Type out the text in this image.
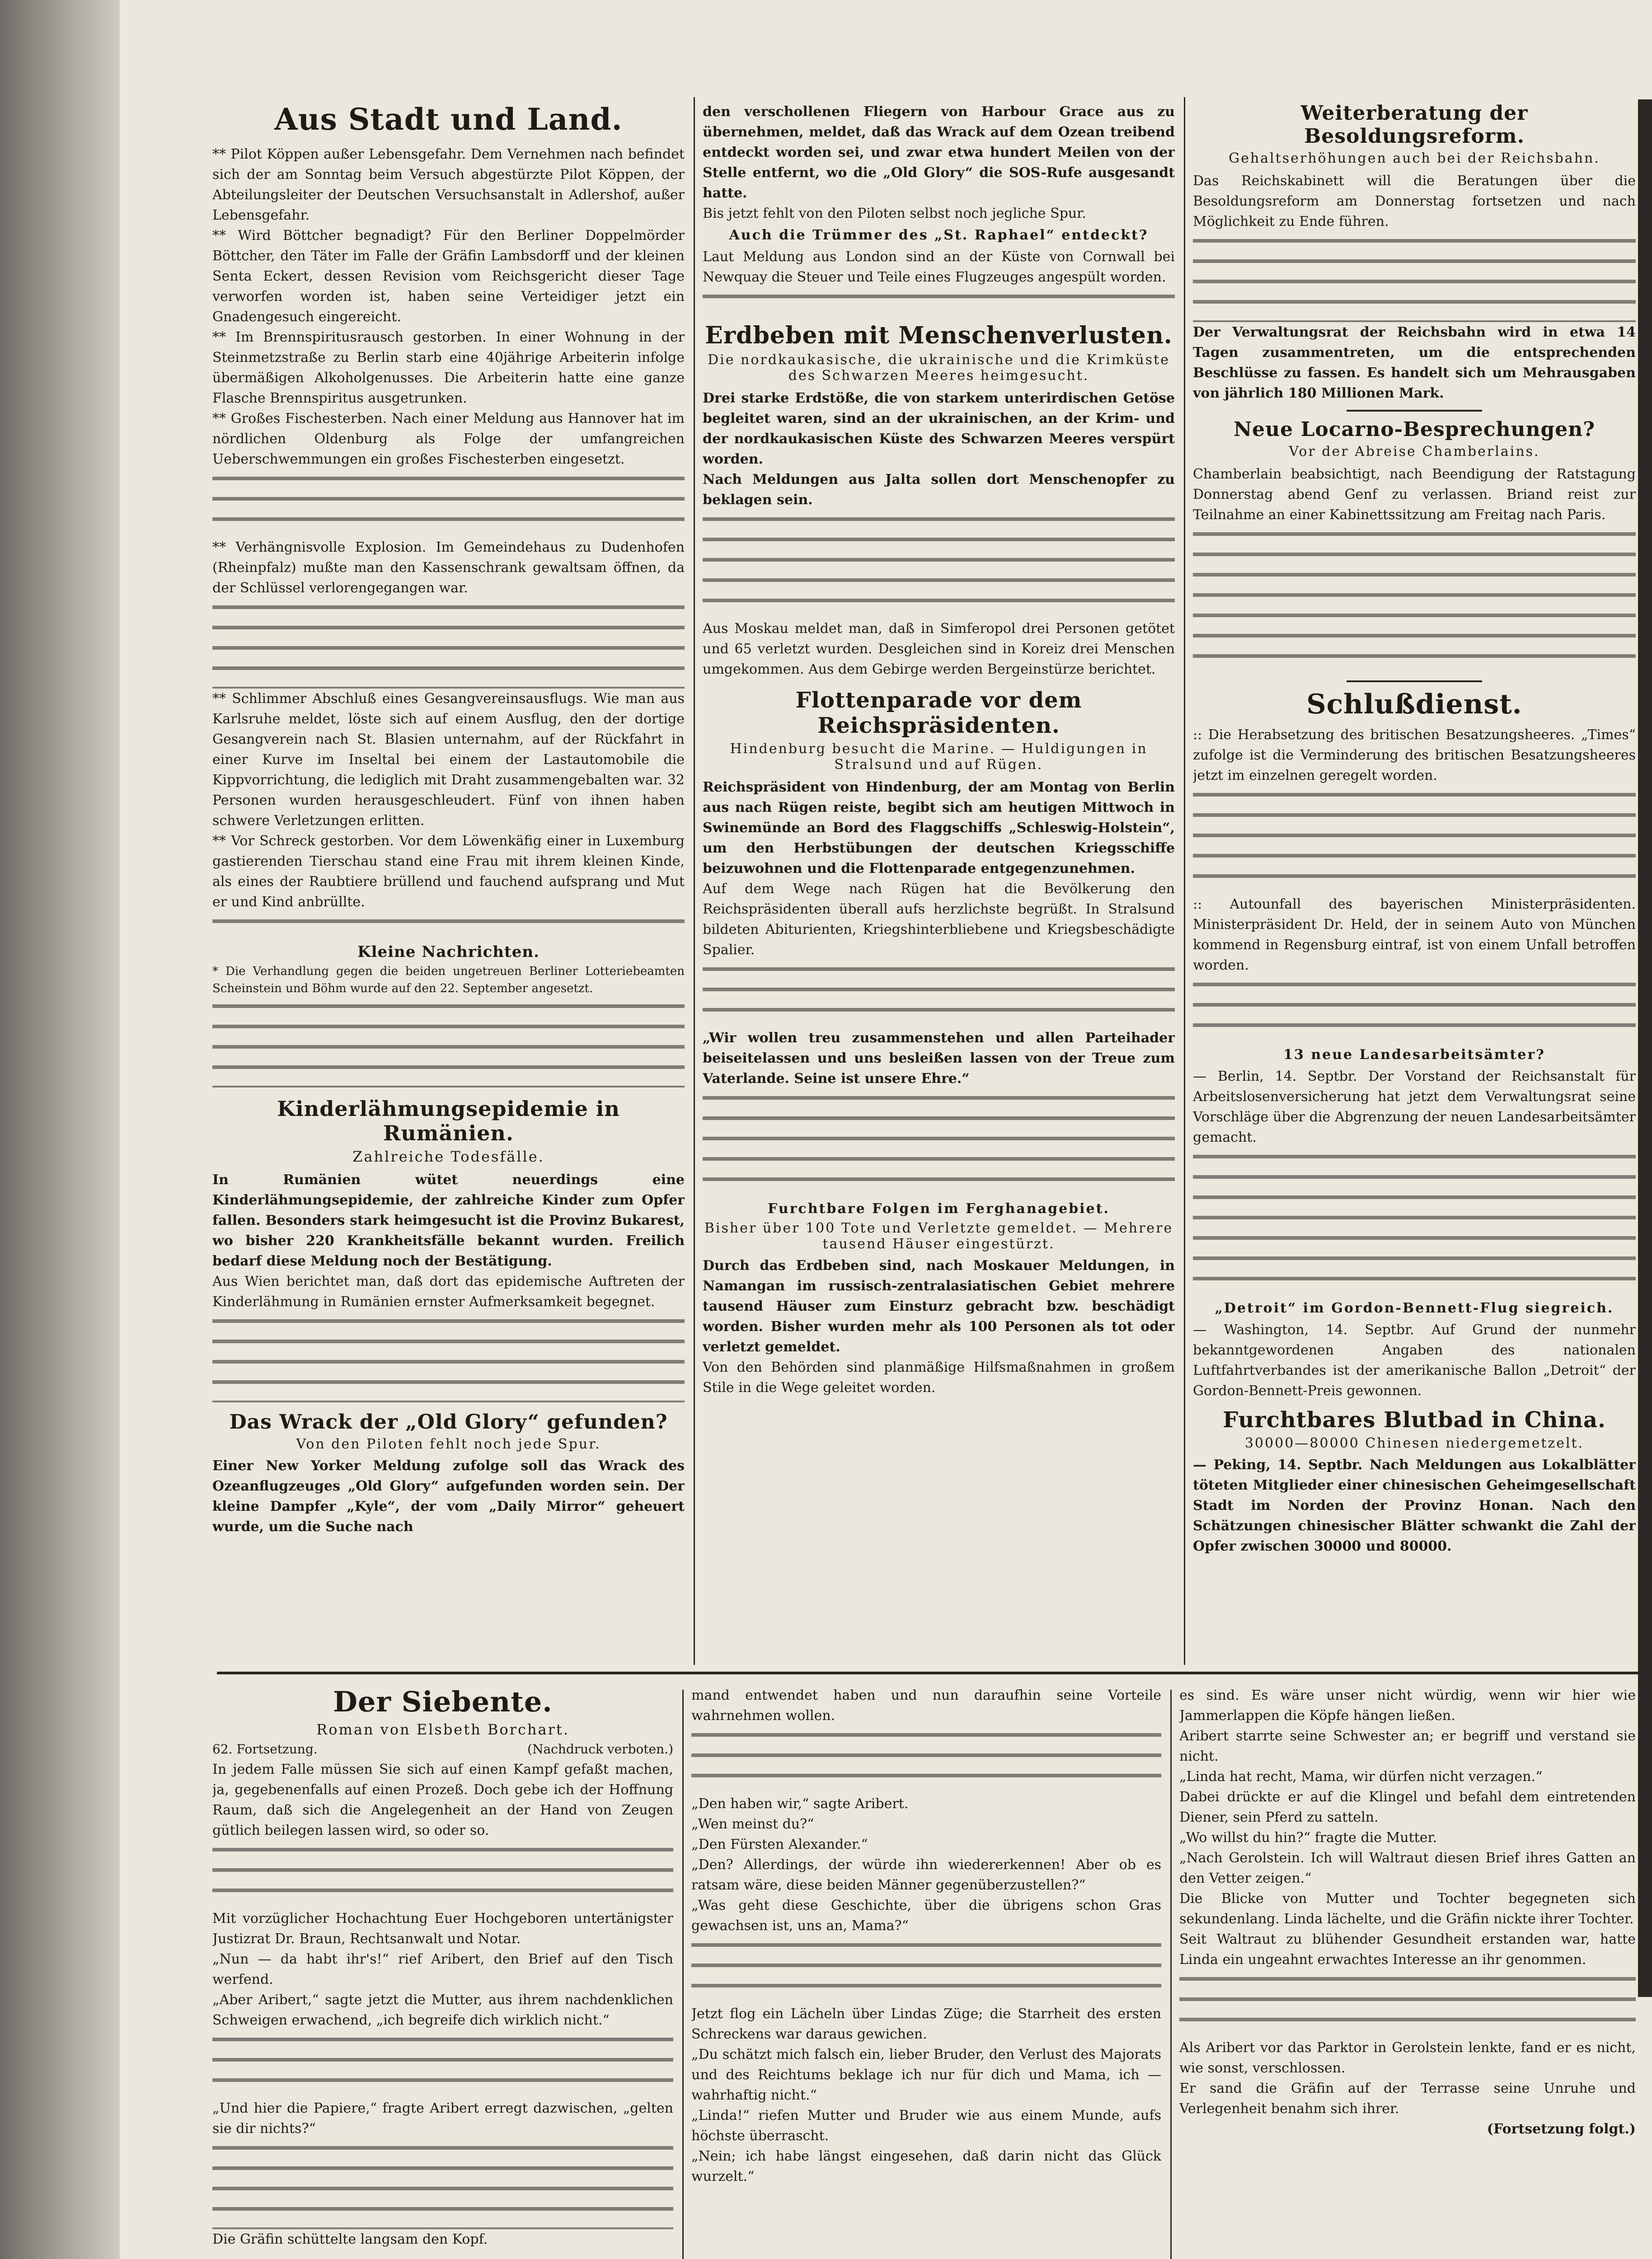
Aus Stadt und Land.

** Pilot Köppen außer Lebensgefahr. Dem Vernehmen nach befindet sich der am Sonntag beim Versuch abgestürzte Pilot Köppen, der Abteilungsleiter der Deutschen Versuchsanstalt in Adlershof, außer Lebensgefahr.

** Wird Böttcher begnadigt? Für den Berliner Doppelmörder Böttcher, den Täter im Falle der Gräfin Lambsdorff und der kleinen Senta Eckert, dessen Revision vom Reichsgericht dieser Tage verworfen worden ist, haben seine Verteidiger jetzt ein Gnadengesuch eingereicht.

** Im Brennspiritusrausch gestorben. In einer Wohnung in der Steinmetzstraße zu Berlin starb eine 40jährige Arbeiterin infolge übermäßigen Alkoholgenusses. Die Arbeiterin hatte eine ganze Flasche Brennspiritus ausgetrunken.

** Großes Fischesterben. Nach einer Meldung aus Hannover hat im nördlichen Oldenburg als Folge der umfangreichen Ueberschwemmungen ein großes Fischesterben eingesetzt.

** Verhängnisvolle Explosion. Im Gemeindehaus zu Dudenhofen (Rheinpfalz) mußte man den Kassenschrank gewaltsam öffnen, da der Schlüssel verlorengegangen war.

** Schlimmer Abschluß eines Gesangvereinsausflugs. Wie man aus Karlsruhe meldet, löste sich auf einem Ausflug, den der dortige Gesangverein nach St. Blasien unternahm, auf der Rückfahrt in einer Kurve im Inseltal bei einem der Lastautomobile die Kippvorrichtung, die lediglich mit Draht zusammengebalten war. 32 Personen wurden herausgeschleudert. Fünf von ihnen haben schwere Verletzungen erlitten.

** Vor Schreck gestorben. Vor dem Löwenkäfig einer in Luxemburg gastierenden Tierschau stand eine Frau mit ihrem kleinen Kinde, als eines der Raubtiere brüllend und fauchend aufsprang und Mut er und Kind anbrüllte.

Kleine Nachrichten.

* Die Verhandlung gegen die beiden ungetreuen Berliner Lotteriebeamten Scheinstein und Böhm wurde auf den 22. September angesetzt.

Kinderlähmungsepidemie in Rumänien.
Zahlreiche Todesfälle.

In Rumänien wütet neuerdings eine Kinderlähmungsepidemie, der zahlreiche Kinder zum Opfer fallen. Besonders stark heimgesucht ist die Provinz Bukarest, wo bisher 220 Krankheitsfälle bekannt wurden. Freilich bedarf diese Meldung noch der Bestätigung.

Aus Wien berichtet man, daß dort das epidemische Auftreten der Kinderlähmung in Rumänien ernster Aufmerksamkeit begegnet.

Das Wrack der „Old Glory“ gefunden?
Von den Piloten fehlt noch jede Spur.

Einer New Yorker Meldung zufolge soll das Wrack des Ozeanflugzeuges „Old Glory“ aufgefunden worden sein. Der kleine Dampfer „Kyle“, der vom „Daily Mirror“ geheuert wurde, um die Suche nach

den verschollenen Fliegern von Harbour Grace aus zu übernehmen, meldet, daß das Wrack auf dem Ozean treibend entdeckt worden sei, und zwar etwa hundert Meilen von der Stelle entfernt, wo die „Old Glory“ die SOS-Rufe ausgesandt hatte.

Bis jetzt fehlt von den Piloten selbst noch jegliche Spur.

Auch die Trümmer des „St. Raphael“ entdeckt?

Laut Meldung aus London sind an der Küste von Cornwall bei Newquay die Steuer und Teile eines Flugzeuges angespült worden.

Erdbeben mit Menschenverlusten.
Die nordkaukasische, die ukrainische und die Krimküste des Schwarzen Meeres heimgesucht.

Drei starke Erdstöße, die von starkem unterirdischen Getöse begleitet waren, sind an der ukrainischen, an der Krim- und der nordkaukasischen Küste des Schwarzen Meeres verspürt worden.

Nach Meldungen aus Jalta sollen dort Menschenopfer zu beklagen sein.

Aus Moskau meldet man, daß in Simferopol drei Personen getötet und 65 verletzt wurden. Desgleichen sind in Koreiz drei Menschen umgekommen. Aus dem Gebirge werden Bergeinstürze berichtet.

Flottenparade vor dem Reichspräsidenten.
Hindenburg besucht die Marine. — Huldigungen in Stralsund und auf Rügen.

Reichspräsident von Hindenburg, der am Montag von Berlin aus nach Rügen reiste, begibt sich am heutigen Mittwoch in Swinemünde an Bord des Flaggschiffs „Schleswig-Holstein“, um den Herbstübungen der deutschen Kriegsschiffe beizuwohnen und die Flottenparade entgegenzunehmen.

Auf dem Wege nach Rügen hat die Bevölkerung den Reichspräsidenten überall aufs herzlichste begrüßt. In Stralsund bildeten Abiturienten, Kriegshinterbliebene und Kriegsbeschädigte Spalier.

„Wir wollen treu zusammenstehen und allen Parteihader beiseitelassen und uns besleißen lassen von der Treue zum Vaterlande. Seine ist unsere Ehre.“

Furchtbare Folgen im Ferghanagebiet.
Bisher über 100 Tote und Verletzte gemeldet. — Mehrere tausend Häuser eingestürzt.

Durch das Erdbeben sind, nach Moskauer Meldungen, in Namangan im russisch-zentralasiatischen Gebiet mehrere tausend Häuser zum Einsturz gebracht bzw. beschädigt worden. Bisher wurden mehr als 100 Personen als tot oder verletzt gemeldet.

Von den Behörden sind planmäßige Hilfsmaßnahmen in großem Stile in die Wege geleitet worden.

Weiterberatung der Besoldungsreform.
Gehaltserhöhungen auch bei der Reichsbahn.

Das Reichskabinett will die Beratungen über die Besoldungsreform am Donnerstag fortsetzen und nach Möglichkeit zu Ende führen.

Der Verwaltungsrat der Reichsbahn wird in etwa 14 Tagen zusammentreten, um die entsprechenden Beschlüsse zu fassen. Es handelt sich um Mehrausgaben von jährlich 180 Millionen Mark.

Neue Locarno-Besprechungen?
Vor der Abreise Chamberlains.

Chamberlain beabsichtigt, nach Beendigung der Ratstagung Donnerstag abend Genf zu verlassen. Briand reist zur Teilnahme an einer Kabinettssitzung am Freitag nach Paris.

Schlußdienst.

:: Die Herabsetzung des britischen Besatzungsheeres. „Times“ zufolge ist die Verminderung des britischen Besatzungsheeres jetzt im einzelnen geregelt worden.

:: Autounfall des bayerischen Ministerpräsidenten. Ministerpräsident Dr. Held, der in seinem Auto von München kommend in Regensburg eintraf, ist von einem Unfall betroffen worden.

13 neue Landesarbeitsämter?

— Berlin, 14. Septbr. Der Vorstand der Reichsanstalt für Arbeitslosenversicherung hat jetzt dem Verwaltungsrat seine Vorschläge über die Abgrenzung der neuen Landesarbeitsämter gemacht.

„Detroit“ im Gordon-Bennett-Flug siegreich.

— Washington, 14. Septbr. Auf Grund der nunmehr bekanntgewordenen Angaben des nationalen Luftfahrtverbandes ist der amerikanische Ballon „Detroit“ der Gordon-Bennett-Preis gewonnen.

Furchtbares Blutbad in China.
30000—80000 Chinesen niedergemetzelt.

— Peking, 14. Septbr. Nach Meldungen aus Lokalblätter töteten Mitglieder einer chinesischen Geheimgesellschaft Stadt im Norden der Provinz Honan. Nach den Schätzungen chinesischer Blätter schwankt die Zahl der Opfer zwischen 30000 und 80000.

Der Siebente.
Roman von Elsbeth Borchart.
62. Fortsetzung.	(Nachdruck verboten.)

In jedem Falle müssen Sie sich auf einen Kampf gefaßt machen, ja, gegebenenfalls auf einen Prozeß. Doch gebe ich der Hoffnung Raum, daß sich die Angelegenheit an der Hand von Zeugen gütlich beilegen lassen wird, so oder so.

Mit vorzüglicher Hochachtung Euer Hochgeboren untertänigster Justizrat Dr. Braun, Rechtsanwalt und Notar.

„Nun — da habt ihr's!“ rief Aribert, den Brief auf den Tisch werfend.

„Aber Aribert,“ sagte jetzt die Mutter, aus ihrem nachdenklichen Schweigen erwachend, „ich begreife dich wirklich nicht.“

„Und hier die Papiere,“ fragte Aribert erregt dazwischen, „gelten sie dir nichts?“

Die Gräfin schüttelte langsam den Kopf.

mand entwendet haben und nun daraufhin seine Vorteile wahrnehmen wollen.

„Den haben wir,“ sagte Aribert.

„Wen meinst du?“

„Den Fürsten Alexander.“

„Den? Allerdings, der würde ihn wiedererkennen! Aber ob es ratsam wäre, diese beiden Männer gegenüberzustellen?“

„Was geht diese Geschichte, über die übrigens schon Gras gewachsen ist, uns an, Mama?“

Jetzt flog ein Lächeln über Lindas Züge; die Starrheit des ersten Schreckens war daraus gewichen.

„Du schätzt mich falsch ein, lieber Bruder, den Verlust des Majorats und des Reichtums beklage ich nur für dich und Mama, ich — wahrhaftig nicht.“

„Linda!“ riefen Mutter und Bruder wie aus einem Munde, aufs höchste überrascht.

„Nein; ich habe längst eingesehen, daß darin nicht das Glück wurzelt.“

es sind. Es wäre unser nicht würdig, wenn wir hier wie Jammerlappen die Köpfe hängen ließen.

Aribert starrte seine Schwester an; er begriff und verstand sie nicht.

„Linda hat recht, Mama, wir dürfen nicht verzagen.“

Dabei drückte er auf die Klingel und befahl dem eintretenden Diener, sein Pferd zu satteln.

„Wo willst du hin?“ fragte die Mutter.

„Nach Gerolstein. Ich will Waltraut diesen Brief ihres Gatten an den Vetter zeigen.“

Die Blicke von Mutter und Tochter begegneten sich sekundenlang. Linda lächelte, und die Gräfin nickte ihrer Tochter.

Seit Waltraut zu blühender Gesundheit erstanden war, hatte Linda ein ungeahnt erwachtes Interesse an ihr genommen.

Als Aribert vor das Parktor in Gerolstein lenkte, fand er es nicht, wie sonst, verschlossen.

Er sand die Gräfin auf der Terrasse seine Unruhe und Verlegenheit benahm sich ihrer.

(Fortsetzung folgt.)
